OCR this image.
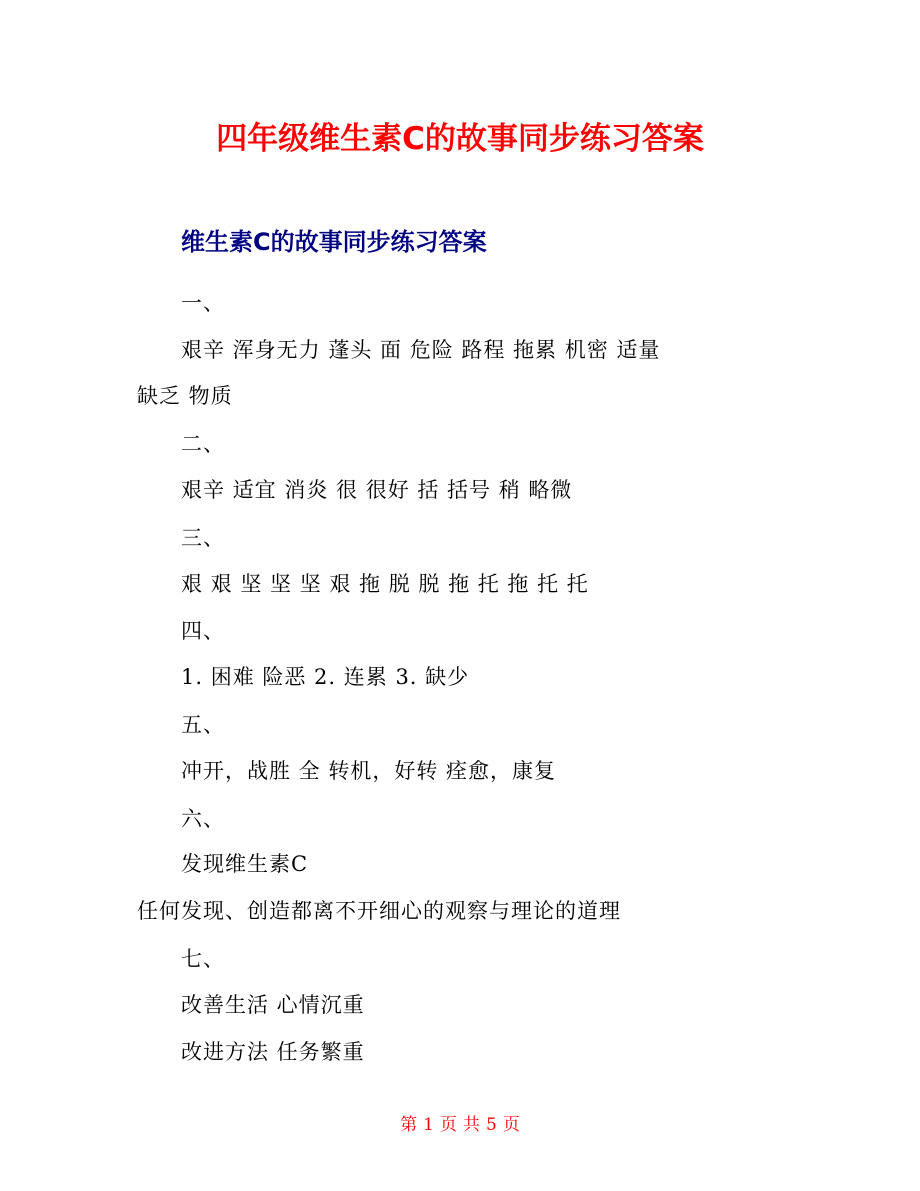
四年级维生素C的故事同步练习答案
维生素C的故事同步练习答案
一、
艰辛 浑身无力 蓬头 面 危险 路程 拖累 机密 适量
缺乏 物质
二、
艰辛 适宜 消炎 很 很好 括 括号 稍 略微
三、
艰 艰 坚 坚 坚 艰 拖 脱 脱 拖 托 拖 托 托
四、
1. 困难 险恶 2. 连累 3. 缺少
五、
冲开，战胜 全 转机，好转 痊愈，康复
六、
发现维生素C
任何发现、创造都离不开细心的观察与理论的道理
七、
改善生活 心情沉重
改进方法 任务繁重
第 1 页 共 5 页
